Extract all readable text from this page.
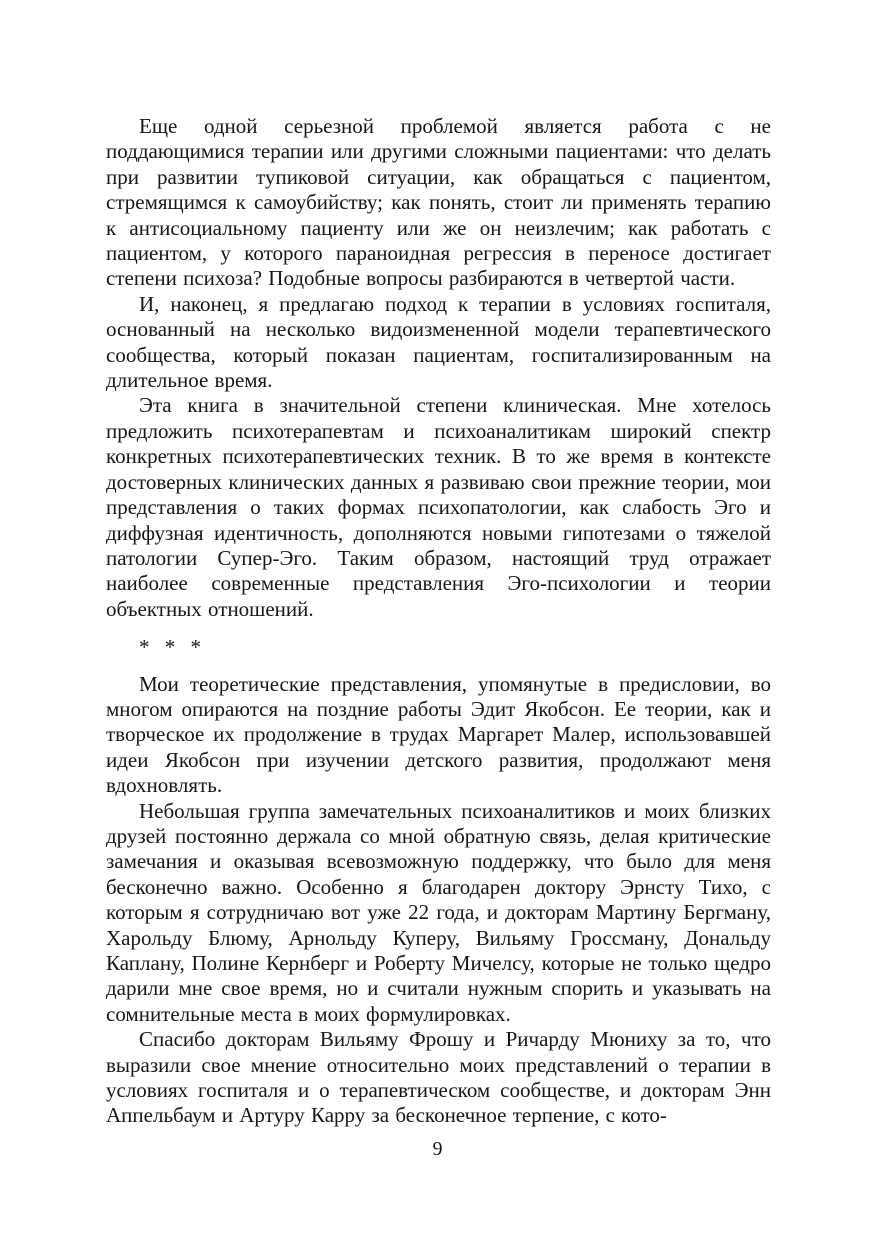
Еще одной серьезной проблемой является работа с не поддающимися терапии или другими сложными пациентами: что делать при развитии тупиковой ситуации, как обращаться с пациентом, стремящимся к самоубийству; как понять, стоит ли применять терапию к антисоциальному пациенту или же он неизлечим; как работать с пациентом, у которого параноидная регрессия в переносе достигает степени психоза? Подобные вопросы разбираются в четвертой части.

И, наконец, я предлагаю подход к терапии в условиях госпиталя, основанный на несколько видоизмененной модели терапевтического сообщества, который показан пациентам, госпитализированным на длительное время.

Эта книга в значительной степени клиническая. Мне хотелось предложить психотерапевтам и психоаналитикам широкий спектр конкретных психотерапевтических техник. В то же время в контексте достоверных клинических данных я развиваю свои прежние теории, мои представления о таких формах психопатологии, как слабость Эго и диффузная идентичность, дополняются новыми гипотезами о тяжелой патологии Супер-Эго. Таким образом, настоящий труд отражает наиболее современные представления Эго-психологии и теории объектных отношений.

* * *

Мои теоретические представления, упомянутые в предисловии, во многом опираются на поздние работы Эдит Якобсон. Ее теории, как и творческое их продолжение в трудах Маргарет Малер, использовавшей идеи Якобсон при изучении детского развития, продолжают меня вдохновлять.

Небольшая группа замечательных психоаналитиков и моих близких друзей постоянно держала со мной обратную связь, делая критические замечания и оказывая всевозможную поддержку, что было для меня бесконечно важно. Особенно я благодарен доктору Эрнсту Тихо, с которым я сотрудничаю вот уже 22 года, и докторам Мартину Бергману, Харольду Блюму, Арнольду Куперу, Вильяму Гроссману, Дональду Каплану, Полине Кернберг и Роберту Мичелсу, которые не только щедро дарили мне свое время, но и считали нужным спорить и указывать на сомнительные места в моих формулировках.

Спасибо докторам Вильяму Фрошу и Ричарду Мюниху за то, что выразили свое мнение относительно моих представлений о терапии в условиях госпиталя и о терапевтическом сообществе, и докторам Энн Аппельбаум и Артуру Карру за бесконечное терпение, с кото-

9
